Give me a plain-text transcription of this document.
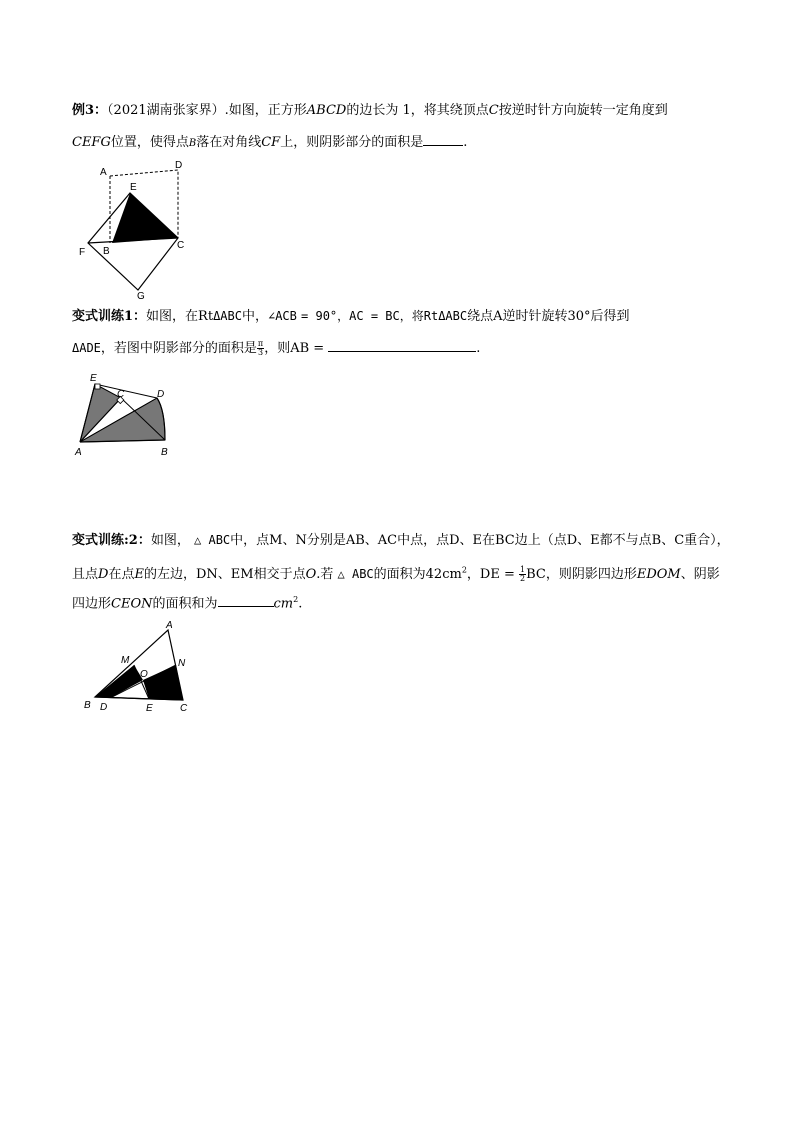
例3：（2021湖南张家界）.如图，正方形ABCD的边长为 1，将其绕顶点C按逆时针方向旋转一定角度到
CEFG位置，使得点B落在对角线CF上，则阴影部分的面积是	.
A
D
E
F B
C
G
变式训练1：如图，在RtΔABC中，∠ACB = 90°，AC = BC，将RtΔABC绕点A逆时针旋转30°后得到
ΔADE，若图中阴影部分的面积是 $\frac{\pi}{3}$ ，则AB =	.
E
C	D
A	B
变式训练:2：如图， △ ABC中，点M、N分别是AB、AC中点，点D、E在BC边上（点D、E都不与点B、C重合），
且点D在点E的左边，DN、EM相交于点O.若 △ ABC的面积为$42cm^2$，DE = $\frac{1}{2}$ BC，则阴影四边形EDOM、阴影
四边形CEON的面积和为	$cm^2$.
A
M	N
O
B D	E	C
